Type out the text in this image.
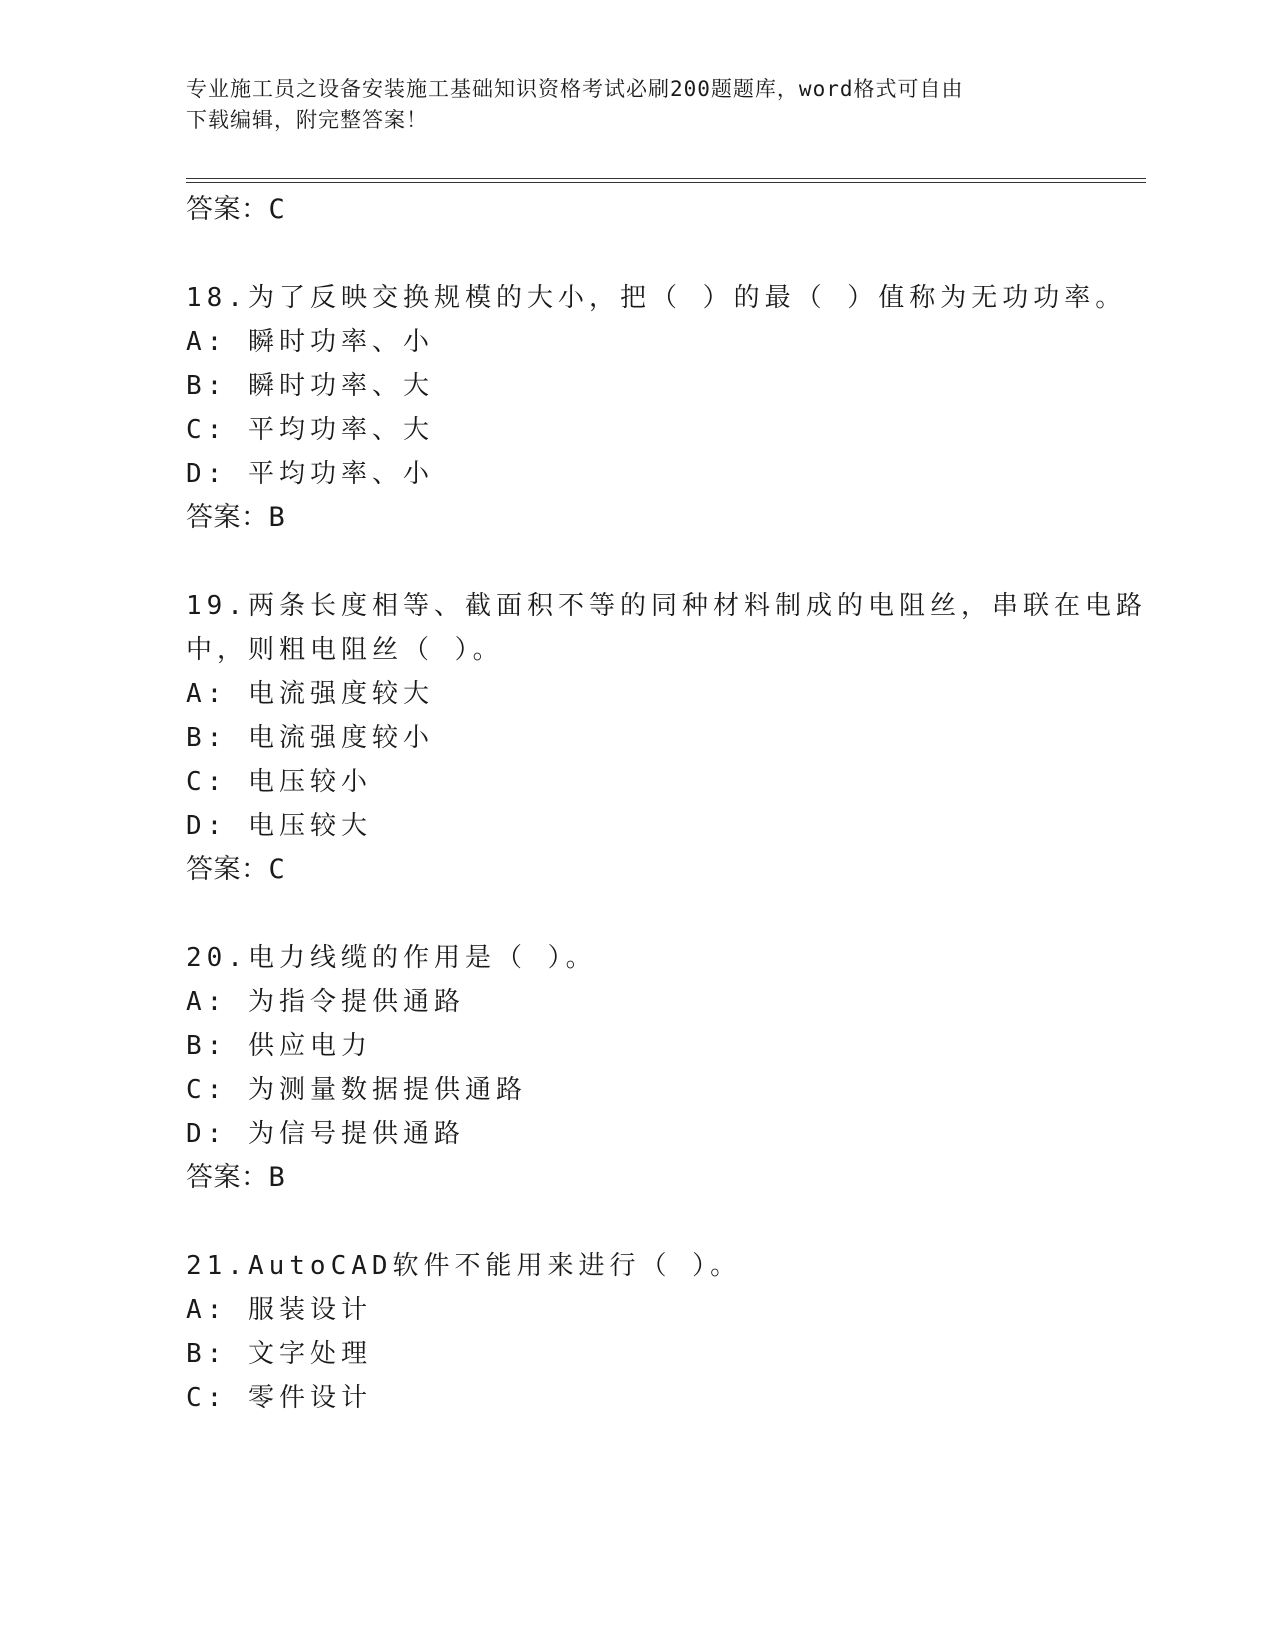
专业施工员之设备安装施工基础知识资格考试必刷200题题库，word格式可自由
下载编辑，附完整答案！
答案：C
18.为了反映交换规模的大小，把（ ）的最（ ）值称为无功功率。
A: 瞬时功率、小
B: 瞬时功率、大
C: 平均功率、大
D: 平均功率、小
答案：B
19.两条长度相等、截面积不等的同种材料制成的电阻丝，串联在电路
中，则粗电阻丝（ ）。
A: 电流强度较大
B: 电流强度较小
C: 电压较小
D: 电压较大
答案：C
20.电力线缆的作用是（ ）。
A: 为指令提供通路
B: 供应电力
C: 为测量数据提供通路
D: 为信号提供通路
答案：B
21.AutoCAD软件不能用来进行（ ）。
A: 服装设计
B: 文字处理
C: 零件设计
